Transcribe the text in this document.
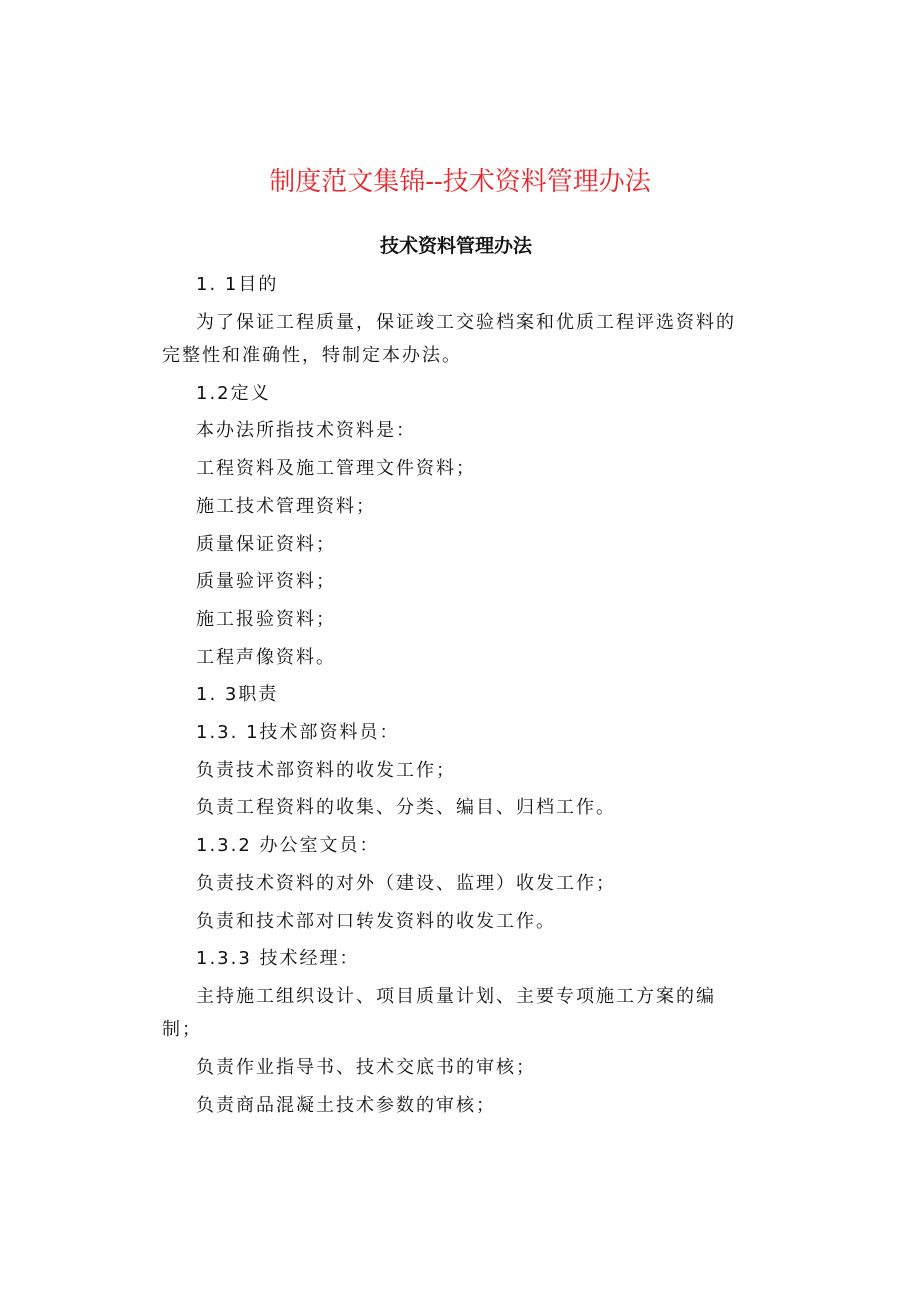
制度范文集锦--技术资料管理办法
技术资料管理办法

1. 1目的

为了保证工程质量，保证竣工交验档案和优质工程评选资料的完整性和准确性，特制定本办法。

1.2定义

本办法所指技术资料是：

工程资料及施工管理文件资料；

施工技术管理资料；

质量保证资料；

质量验评资料；

施工报验资料；

工程声像资料。

1. 3职责

1.3. 1技术部资料员：

负责技术部资料的收发工作；

负责工程资料的收集、分类、编目、归档工作。

1.3.2 办公室文员：

负责技术资料的对外（建设、监理）收发工作；

负责和技术部对口转发资料的收发工作。

1.3.3 技术经理：

主持施工组织设计、项目质量计划、主要专项施工方案的编制；

负责作业指导书、技术交底书的审核；

负责商品混凝土技术参数的审核；
